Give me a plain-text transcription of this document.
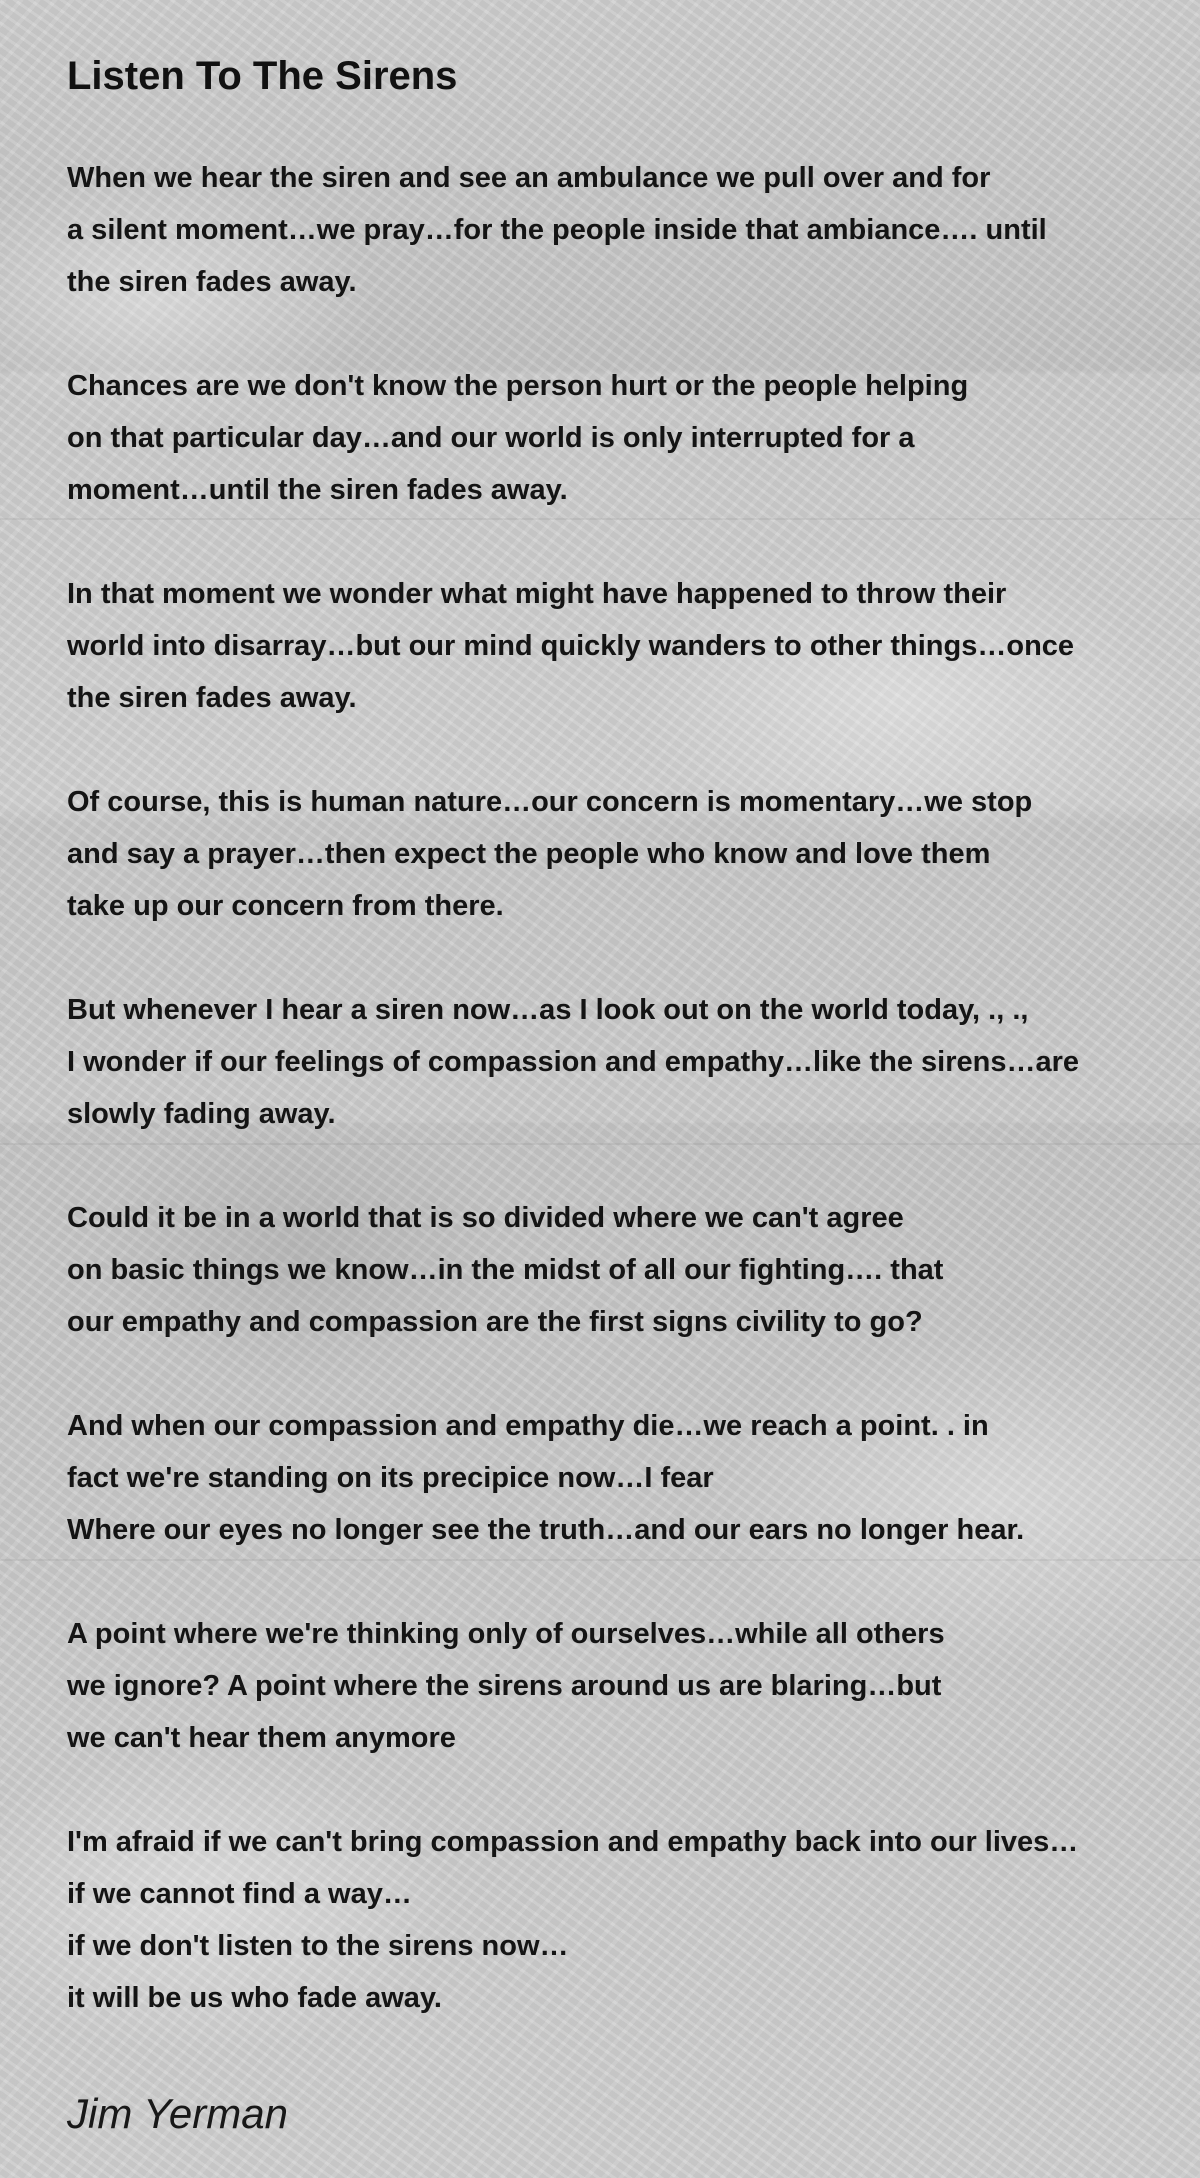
Listen To The Sirens
When we hear the siren and see an ambulance we pull over and for
a silent moment…we pray…for the people inside that ambiance…. until
the siren fades away.
Chances are we don't know the person hurt or the people helping
on that particular day…and our world is only interrupted for a
moment…until the siren fades away.
In that moment we wonder what might have happened to throw their
world into disarray…but our mind quickly wanders to other things…once
the siren fades away.
Of course, this is human nature…our concern is momentary…we stop
and say a prayer…then expect the people who know and love them
take up our concern from there.
But whenever I hear a siren now…as I look out on the world today, ., .,
I wonder if our feelings of compassion and empathy…like the sirens…are
slowly fading away.
Could it be in a world that is so divided where we can't agree
on basic things we know…in the midst of all our fighting…. that
our empathy and compassion are the first signs civility to go?
And when our compassion and empathy die…we reach a point. . in
fact we're standing on its precipice now…I fear
Where our eyes no longer see the truth…and our ears no longer hear.
A point where we're thinking only of ourselves…while all others
we ignore? A point where the sirens around us are blaring…but
we can't hear them anymore
I'm afraid if we can't bring compassion and empathy back into our lives…
if we cannot find a way…
if we don't listen to the sirens now…
it will be us who fade away.
Jim Yerman
